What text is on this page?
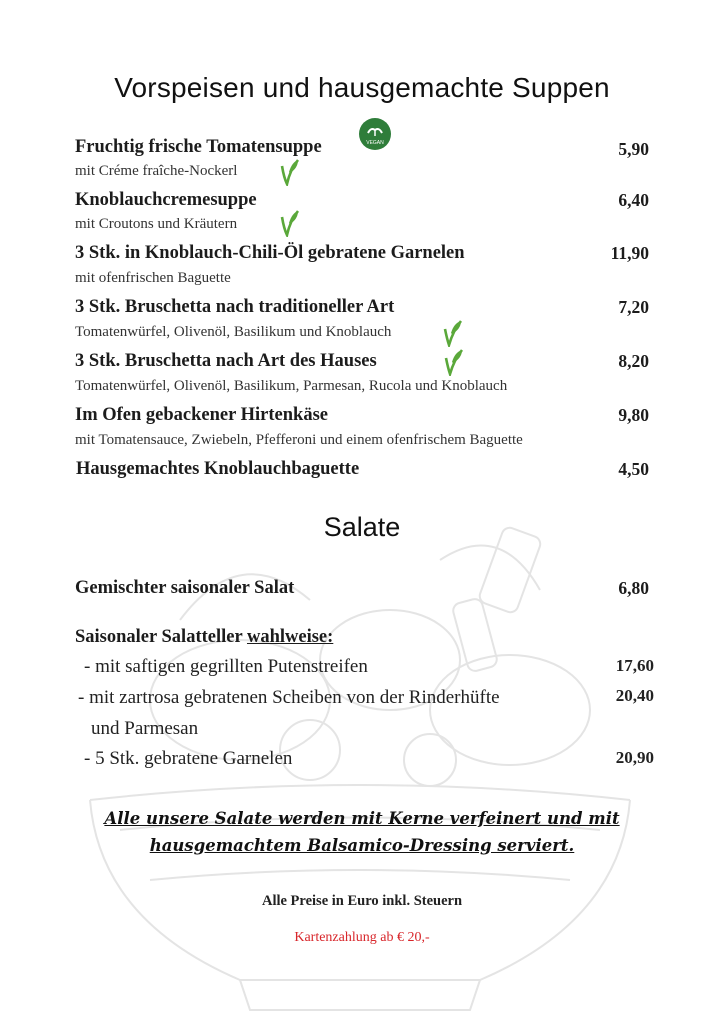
Vorspeisen und hausgemachte Suppen
Fruchtig frische Tomatensuppe	VEGAN	5,90
mit Créme fraîche-Nockerl
Knoblauchcremesuppe	6,40
mit Croutons und Kräutern
3 Stk. in Knoblauch-Chili-Öl gebratene Garnelen	11,90
mit ofenfrischen Baguette
3 Stk. Bruschetta nach traditioneller Art	7,20
Tomatenwürfel, Olivenöl, Basilikum und Knoblauch
3 Stk. Bruschetta nach Art des Hauses	8,20
Tomatenwürfel, Olivenöl, Basilikum, Parmesan, Rucola und Knoblauch
Im Ofen gebackener Hirtenkäse	9,80
mit Tomatensauce, Zwiebeln, Pfefferoni und einem ofenfrischem Baguette
Hausgemachtes Knoblauchbaguette	4,50
Salate
Gemischter saisonaler Salat	6,80
Saisonaler Salatteller wahlweise:
- mit saftigen gegrillten Putenstreifen	17,60
- mit zartrosa gebratenen Scheiben von der Rinderhüfte	20,40
und Parmesan
- 5 Stk. gebratene Garnelen	20,90
Alle unsere Salate werden mit Kerne verfeinert und mit
hausgemachtem Balsamico-Dressing serviert.
Alle Preise in Euro inkl. Steuern
Kartenzahlung ab € 20,-
